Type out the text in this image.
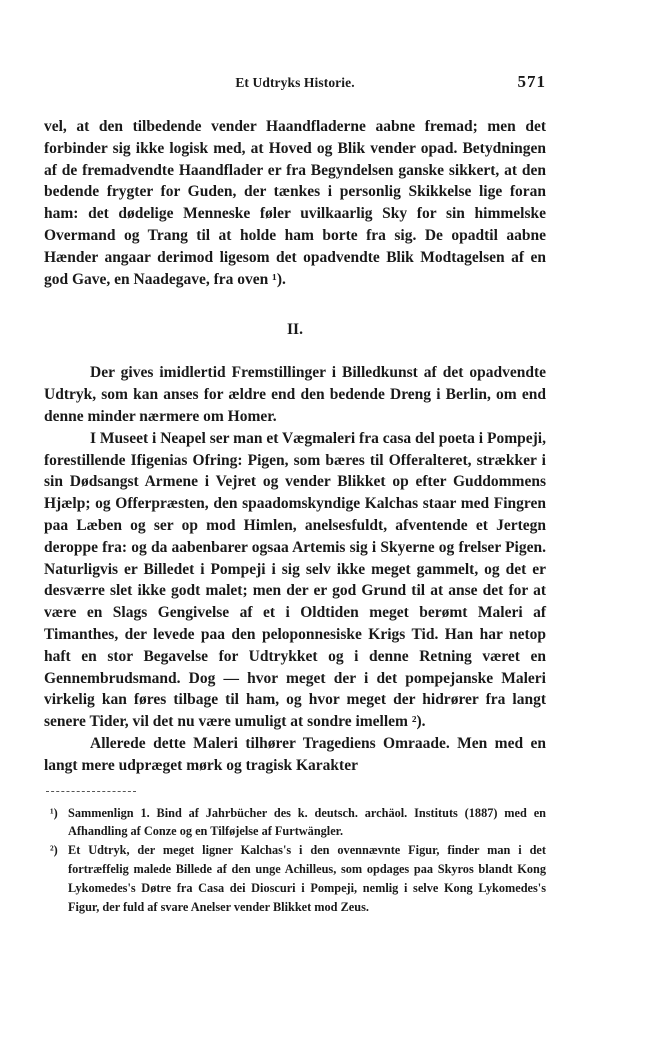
Et Udtryks Historie.	571

vel, at den tilbedende vender Haandfladerne aabne fremad; men det forbinder sig ikke logisk med, at Hoved og Blik vender opad. Betydningen af de fremadvendte Haandflader er fra Begyndelsen ganske sikkert, at den bedende frygter for Guden, der tænkes i personlig Skikkelse lige foran ham: det dødelige Menneske føler uvilkaarlig Sky for sin himmelske Overmand og Trang til at holde ham borte fra sig. De opadtil aabne Hænder angaar derimod ligesom det opadvendte Blik Modtagelsen af en god Gave, en Naadegave, fra oven ¹).

II.

Der gives imidlertid Fremstillinger i Billedkunst af det opadvendte Udtryk, som kan anses for ældre end den bedende Dreng i Berlin, om end denne minder nærmere om Homer.

I Museet i Neapel ser man et Vægmaleri fra casa del poeta i Pompeji, forestillende Ifigenias Ofring: Pigen, som bæres til Offeralteret, strækker i sin Dødsangst Armene i Vejret og vender Blikket op efter Guddommens Hjælp; og Offerpræsten, den spaadomskyndige Kalchas staar med Fingren paa Læben og ser op mod Himlen, anelsesfuldt, afventende et Jertegn deroppe fra: og da aabenbarer ogsaa Artemis sig i Skyerne og frelser Pigen. Naturligvis er Billedet i Pompeji i sig selv ikke meget gammelt, og det er desværre slet ikke godt malet; men der er god Grund til at anse det for at være en Slags Gengivelse af et i Oldtiden meget berømt Maleri af Timanthes, der levede paa den peloponnesiske Krigs Tid. Han har netop haft en stor Begavelse for Udtrykket og i denne Retning været en Gennembrudsmand. Dog — hvor meget der i det pompejanske Maleri virkelig kan føres tilbage til ham, og hvor meget der hidrører fra langt senere Tider, vil det nu være umuligt at sondre imellem ²).

Allerede dette Maleri tilhører Tragediens Omraade. Men med en langt mere udpræget mørk og tragisk Karakter

¹) Sammenlign 1. Bind af Jahrbücher des k. deutsch. archäol. Instituts (1887) med en Afhandling af Conze og en Tilføjelse af Furtwängler.

²) Et Udtryk, der meget ligner Kalchas's i den ovennævnte Figur, finder man i det fortræffelig malede Billede af den unge Achilleus, som opdages paa Skyros blandt Kong Lykomedes's Døtre fra Casa dei Dioscuri i Pompeji, nemlig i selve Kong Lykomedes's Figur, der fuld af svare Anelser vender Blikket mod Zeus.
